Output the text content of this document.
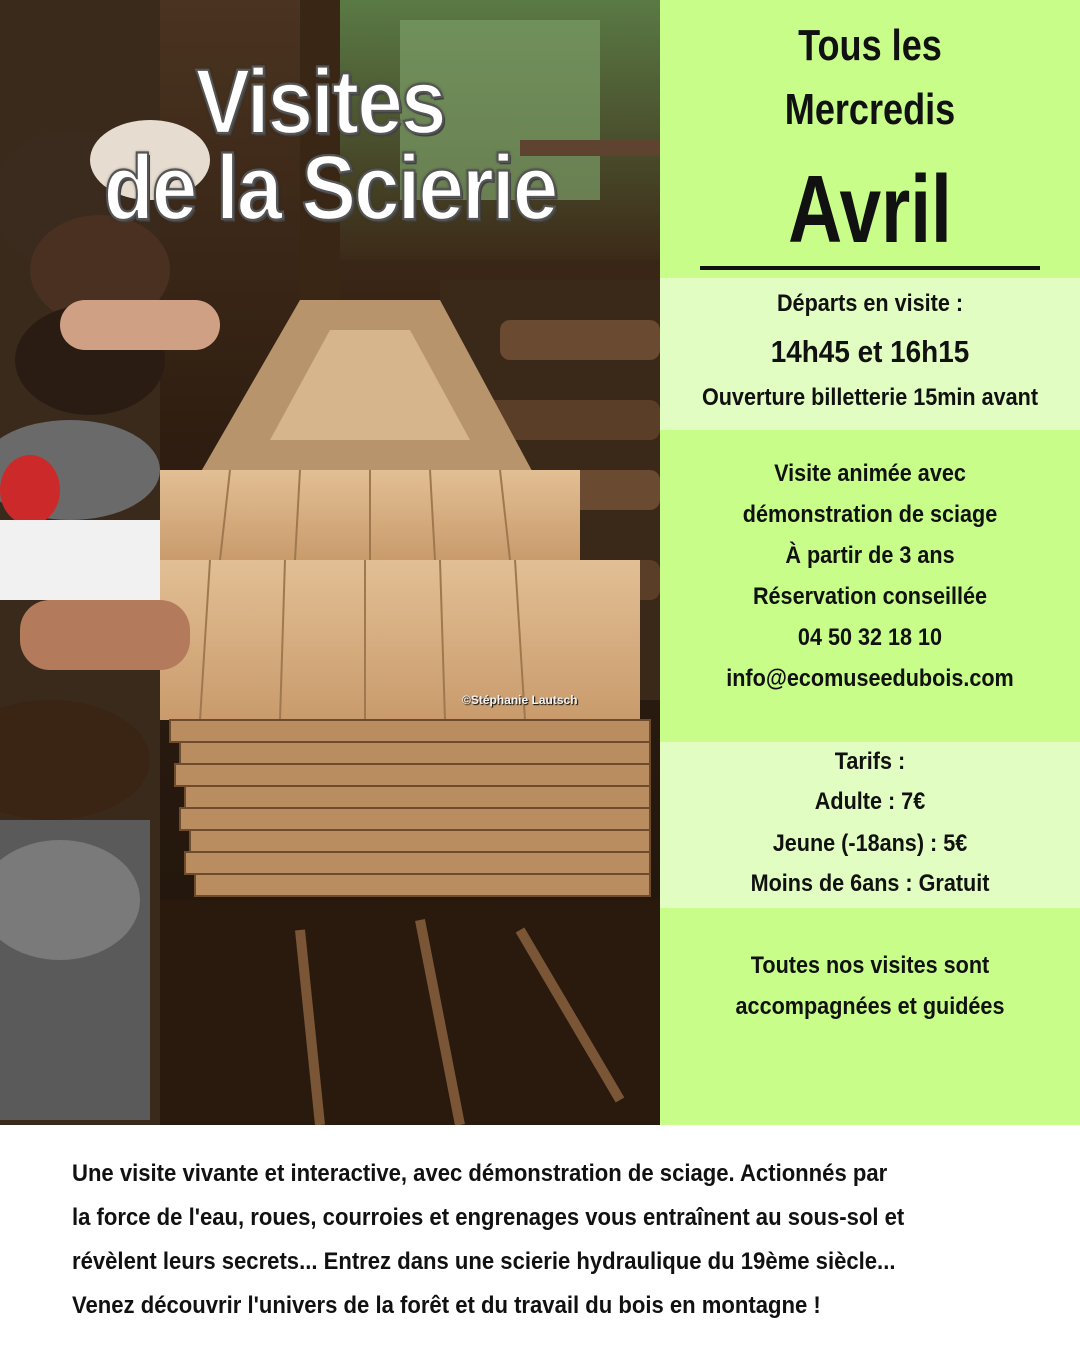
Visites
de la Scierie
©Stéphanie Lautsch
Tous les
Mercredis
Avril
Départs en visite :
14h45 et 16h15
Ouverture billetterie 15min avant
Visite animée avec
démonstration de sciage
À partir de 3 ans
Réservation conseillée
04 50 32 18 10
info@ecomuseedubois.com
Tarifs :
Adulte : 7€
Jeune (-18ans) : 5€
Moins de 6ans : Gratuit
Toutes nos visites sont
accompagnées et guidées

Une visite vivante et interactive, avec démonstration de sciage. Actionnés par

la force de l'eau, roues, courroies et engrenages vous entraînent au sous-sol et

révèlent leurs secrets... Entrez dans une scierie hydraulique du 19ème siècle...

Venez découvrir l'univers de la forêt et du travail du bois en montagne !
